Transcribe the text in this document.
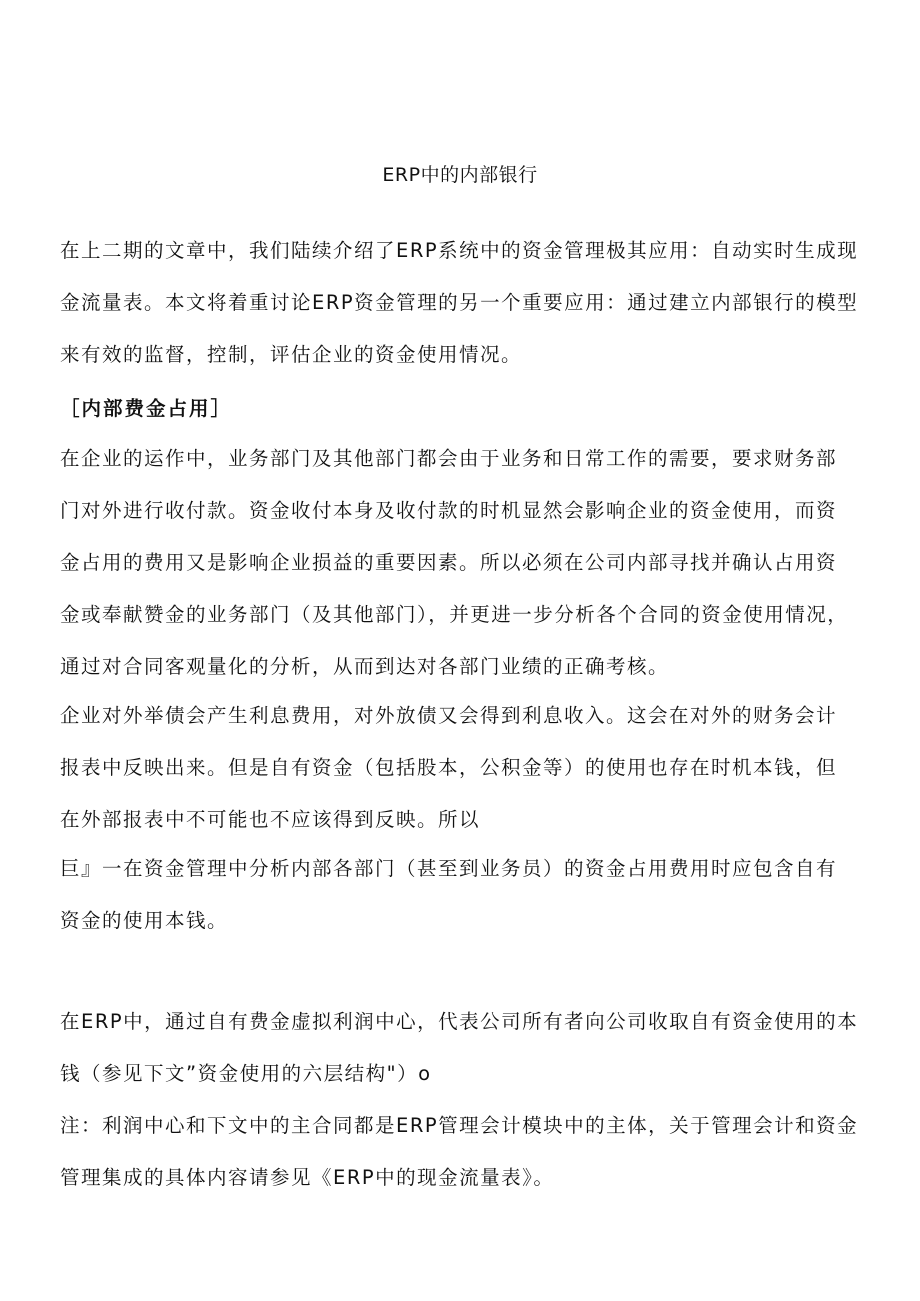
ERP中的内部银行

在上二期的文章中，我们陆续介绍了ERP系统中的资金管理极其应用：自动实时生成现
金流量表。本文将着重讨论ERP资金管理的另一个重要应用：通过建立内部银行的模型
来有效的监督，控制，评估企业的资金使用情况。

［内部费金占用］

在企业的运作中，业务部门及其他部门都会由于业务和日常工作的需要，要求财务部
门对外进行收付款。资金收付本身及收付款的时机显然会影响企业的资金使用，而资
金占用的费用又是影响企业损益的重要因素。所以必须在公司内部寻找并确认占用资
金或奉献赞金的业务部门（及其他部门），并更进一步分析各个合同的资金使用情况，
通过对合同客观量化的分析，从而到达对各部门业绩的正确考核。

企业对外举债会产生利息费用，对外放债又会得到利息收入。这会在对外的财务会计
报表中反映出来。但是自有资金（包括股本，公积金等）的使用也存在时机本钱，但
在外部报表中不可能也不应该得到反映。所以

巨』一在资金管理中分析内部各部门（甚至到业务员）的资金占用费用时应包含自有
资金的使用本钱。

在ERP中，通过自有费金虚拟利润中心，代表公司所有者向公司收取自有资金使用的本
钱（参见下文”资金使用的六层结构"）o

注：利润中心和下文中的主合同都是ERP管理会计模块中的主体，关于管理会计和资金
管理集成的具体内容请参见《ERP中的现金流量表》。
